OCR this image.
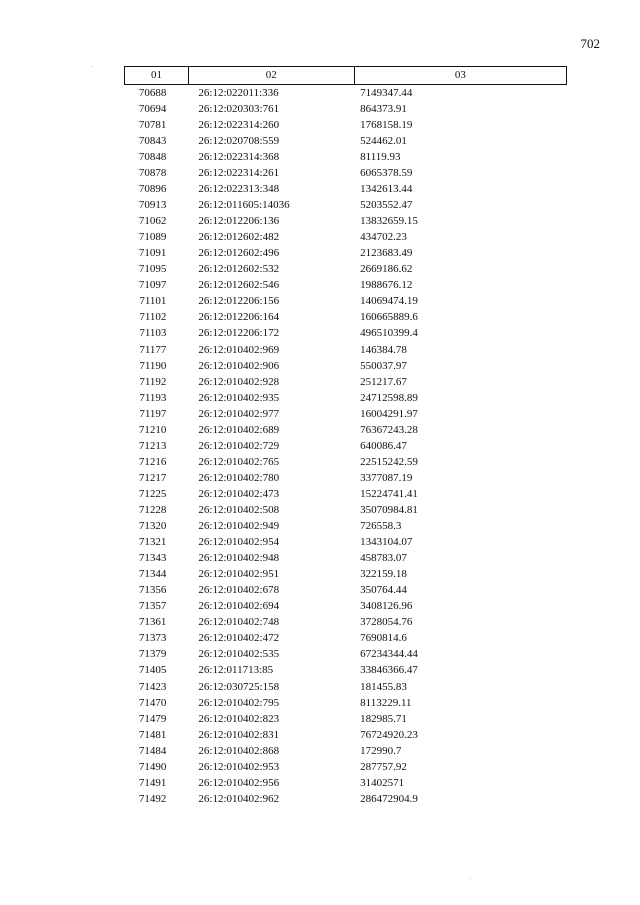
702
01	02	03
70688	26:12:022011:336	7149347.44
70694	26:12:020303:761	864373.91
70781	26:12:022314:260	1768158.19
70843	26:12:020708:559	524462.01
70848	26:12:022314:368	81119.93
70878	26:12:022314:261	6065378.59
70896	26:12:022313:348	1342613.44
70913	26:12:011605:14036	5203552.47
71062	26:12:012206:136	13832659.15
71089	26:12:012602:482	434702.23
71091	26:12:012602:496	2123683.49
71095	26:12:012602:532	2669186.62
71097	26:12:012602:546	1988676.12
71101	26:12:012206:156	14069474.19
71102	26:12:012206:164	160665889.6
71103	26:12:012206:172	496510399.4
71177	26:12:010402:969	146384.78
71190	26:12:010402:906	550037.97
71192	26:12:010402:928	251217.67
71193	26:12:010402:935	24712598.89
71197	26:12:010402:977	16004291.97
71210	26:12:010402:689	76367243.28
71213	26:12:010402:729	640086.47
71216	26:12:010402:765	22515242.59
71217	26:12:010402:780	3377087.19
71225	26:12:010402:473	15224741.41
71228	26:12:010402:508	35070984.81
71320	26:12:010402:949	726558.3
71321	26:12:010402:954	1343104.07
71343	26:12:010402:948	458783.07
71344	26:12:010402:951	322159.18
71356	26:12:010402:678	350764.44
71357	26:12:010402:694	3408126.96
71361	26:12:010402:748	3728054.76
71373	26:12:010402:472	7690814.6
71379	26:12:010402:535	67234344.44
71405	26:12:011713:85	33846366.47
71423	26:12:030725:158	181455.83
71470	26:12:010402:795	8113229.11
71479	26:12:010402:823	182985.71
71481	26:12:010402:831	76724920.23
71484	26:12:010402:868	172990.7
71490	26:12:010402:953	287757.92
71491	26:12:010402:956	31402571
71492	26:12:010402:962	286472904.9
